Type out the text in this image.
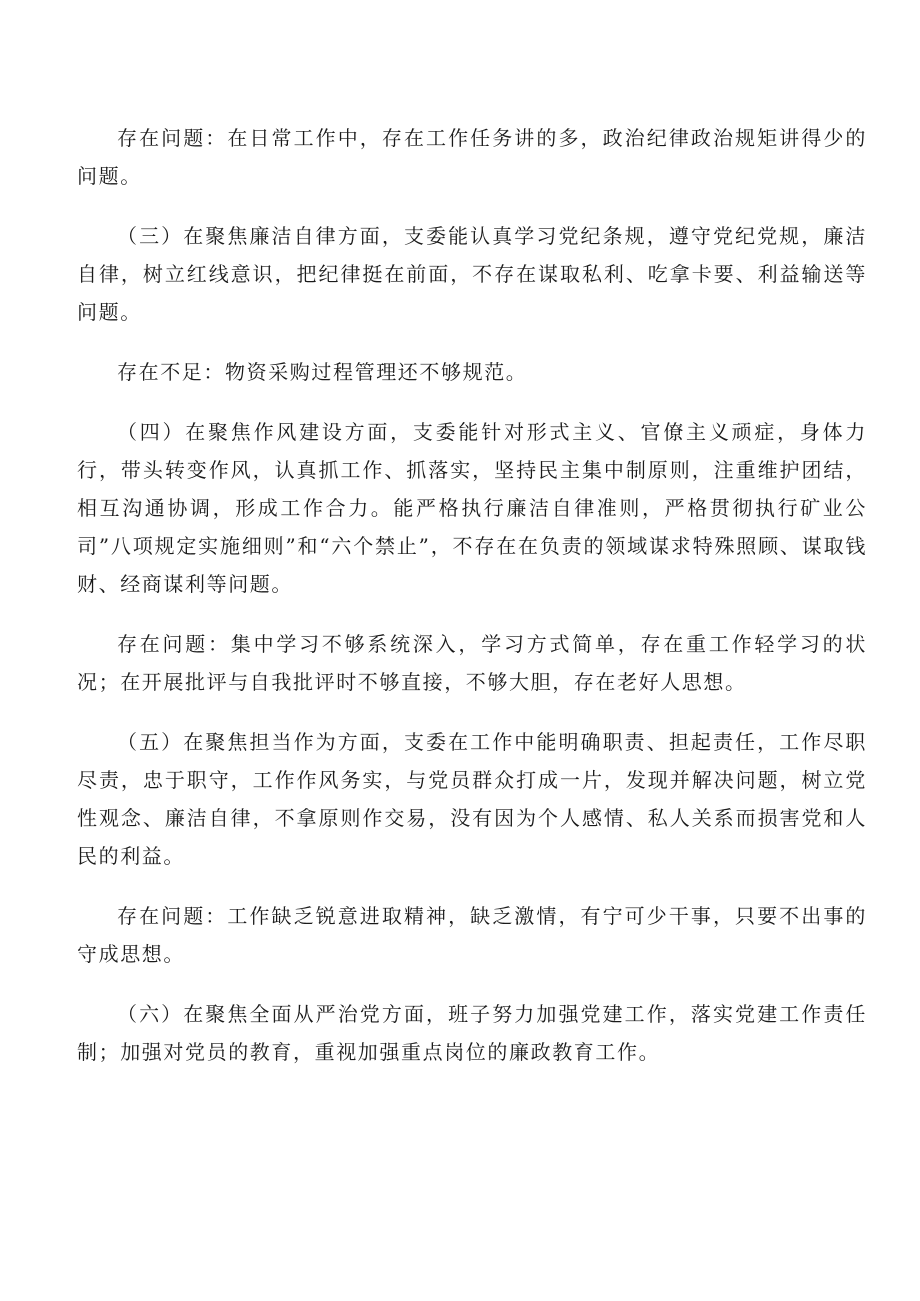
存在问题：在日常工作中，存在工作任务讲的多，政治纪律政治规矩讲得少的问题。

（三）在聚焦廉洁自律方面，支委能认真学习党纪条规，遵守党纪党规，廉洁自律，树立红线意识，把纪律挺在前面，不存在谋取私利、吃拿卡要、利益输送等问题。

存在不足：物资采购过程管理还不够规范。

（四）在聚焦作风建设方面，支委能针对形式主义、官僚主义顽症，身体力行，带头转变作风，认真抓工作、抓落实，坚持民主集中制原则，注重维护团结，相互沟通协调，形成工作合力。能严格执行廉洁自律准则，严格贯彻执行矿业公司”八项规定实施细则”和“六个禁止”，不存在在负责的领域谋求特殊照顾、谋取钱财、经商谋利等问题。

存在问题：集中学习不够系统深入，学习方式简单，存在重工作轻学习的状况；在开展批评与自我批评时不够直接，不够大胆，存在老好人思想。

（五）在聚焦担当作为方面，支委在工作中能明确职责、担起责任，工作尽职尽责，忠于职守，工作作风务实，与党员群众打成一片，发现并解决问题，树立党性观念、廉洁自律，不拿原则作交易，没有因为个人感情、私人关系而损害党和人民的利益。

存在问题：工作缺乏锐意进取精神，缺乏激情，有宁可少干事，只要不出事的守成思想。

（六）在聚焦全面从严治党方面，班子努力加强党建工作，落实党建工作责任制；加强对党员的教育，重视加强重点岗位的廉政教育工作。
